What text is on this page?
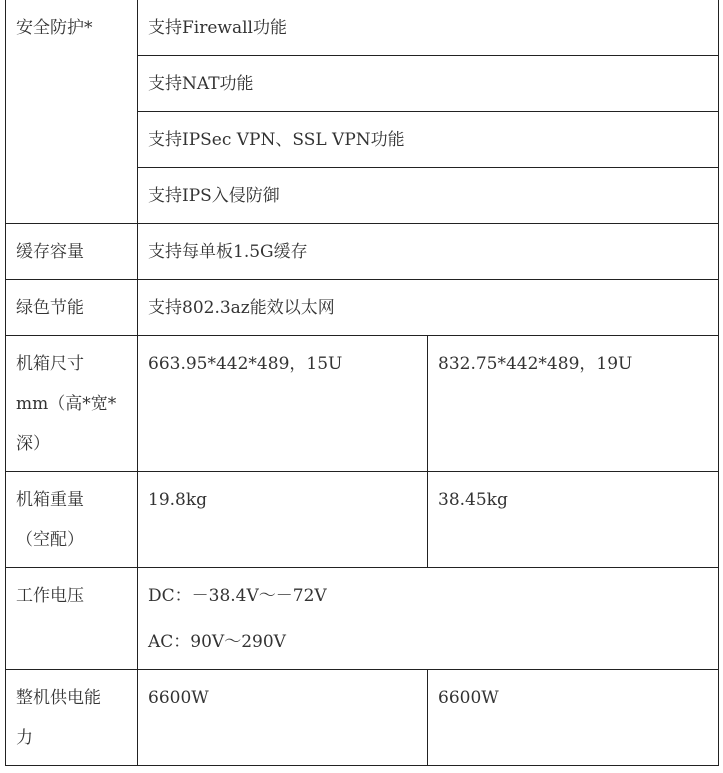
安全防护*	支持Firewall功能	
	支持NAT功能	
	支持IPSec VPN、SSL VPN功能	
	支持IPS入侵防御	
缓存容量	支持每单板1.5G缓存	
绿色节能	支持802.3az能效以太网	

机箱尺寸
mm（高*宽*
深）	663.95*442*489，15U	832.75*442*489，19U

机箱重量
（空配）	19.8kg	38.45kg
工作电压	DC：－38.4V～－72V
AC：90V～290V	

整机供电能
力	6600W	6600W
